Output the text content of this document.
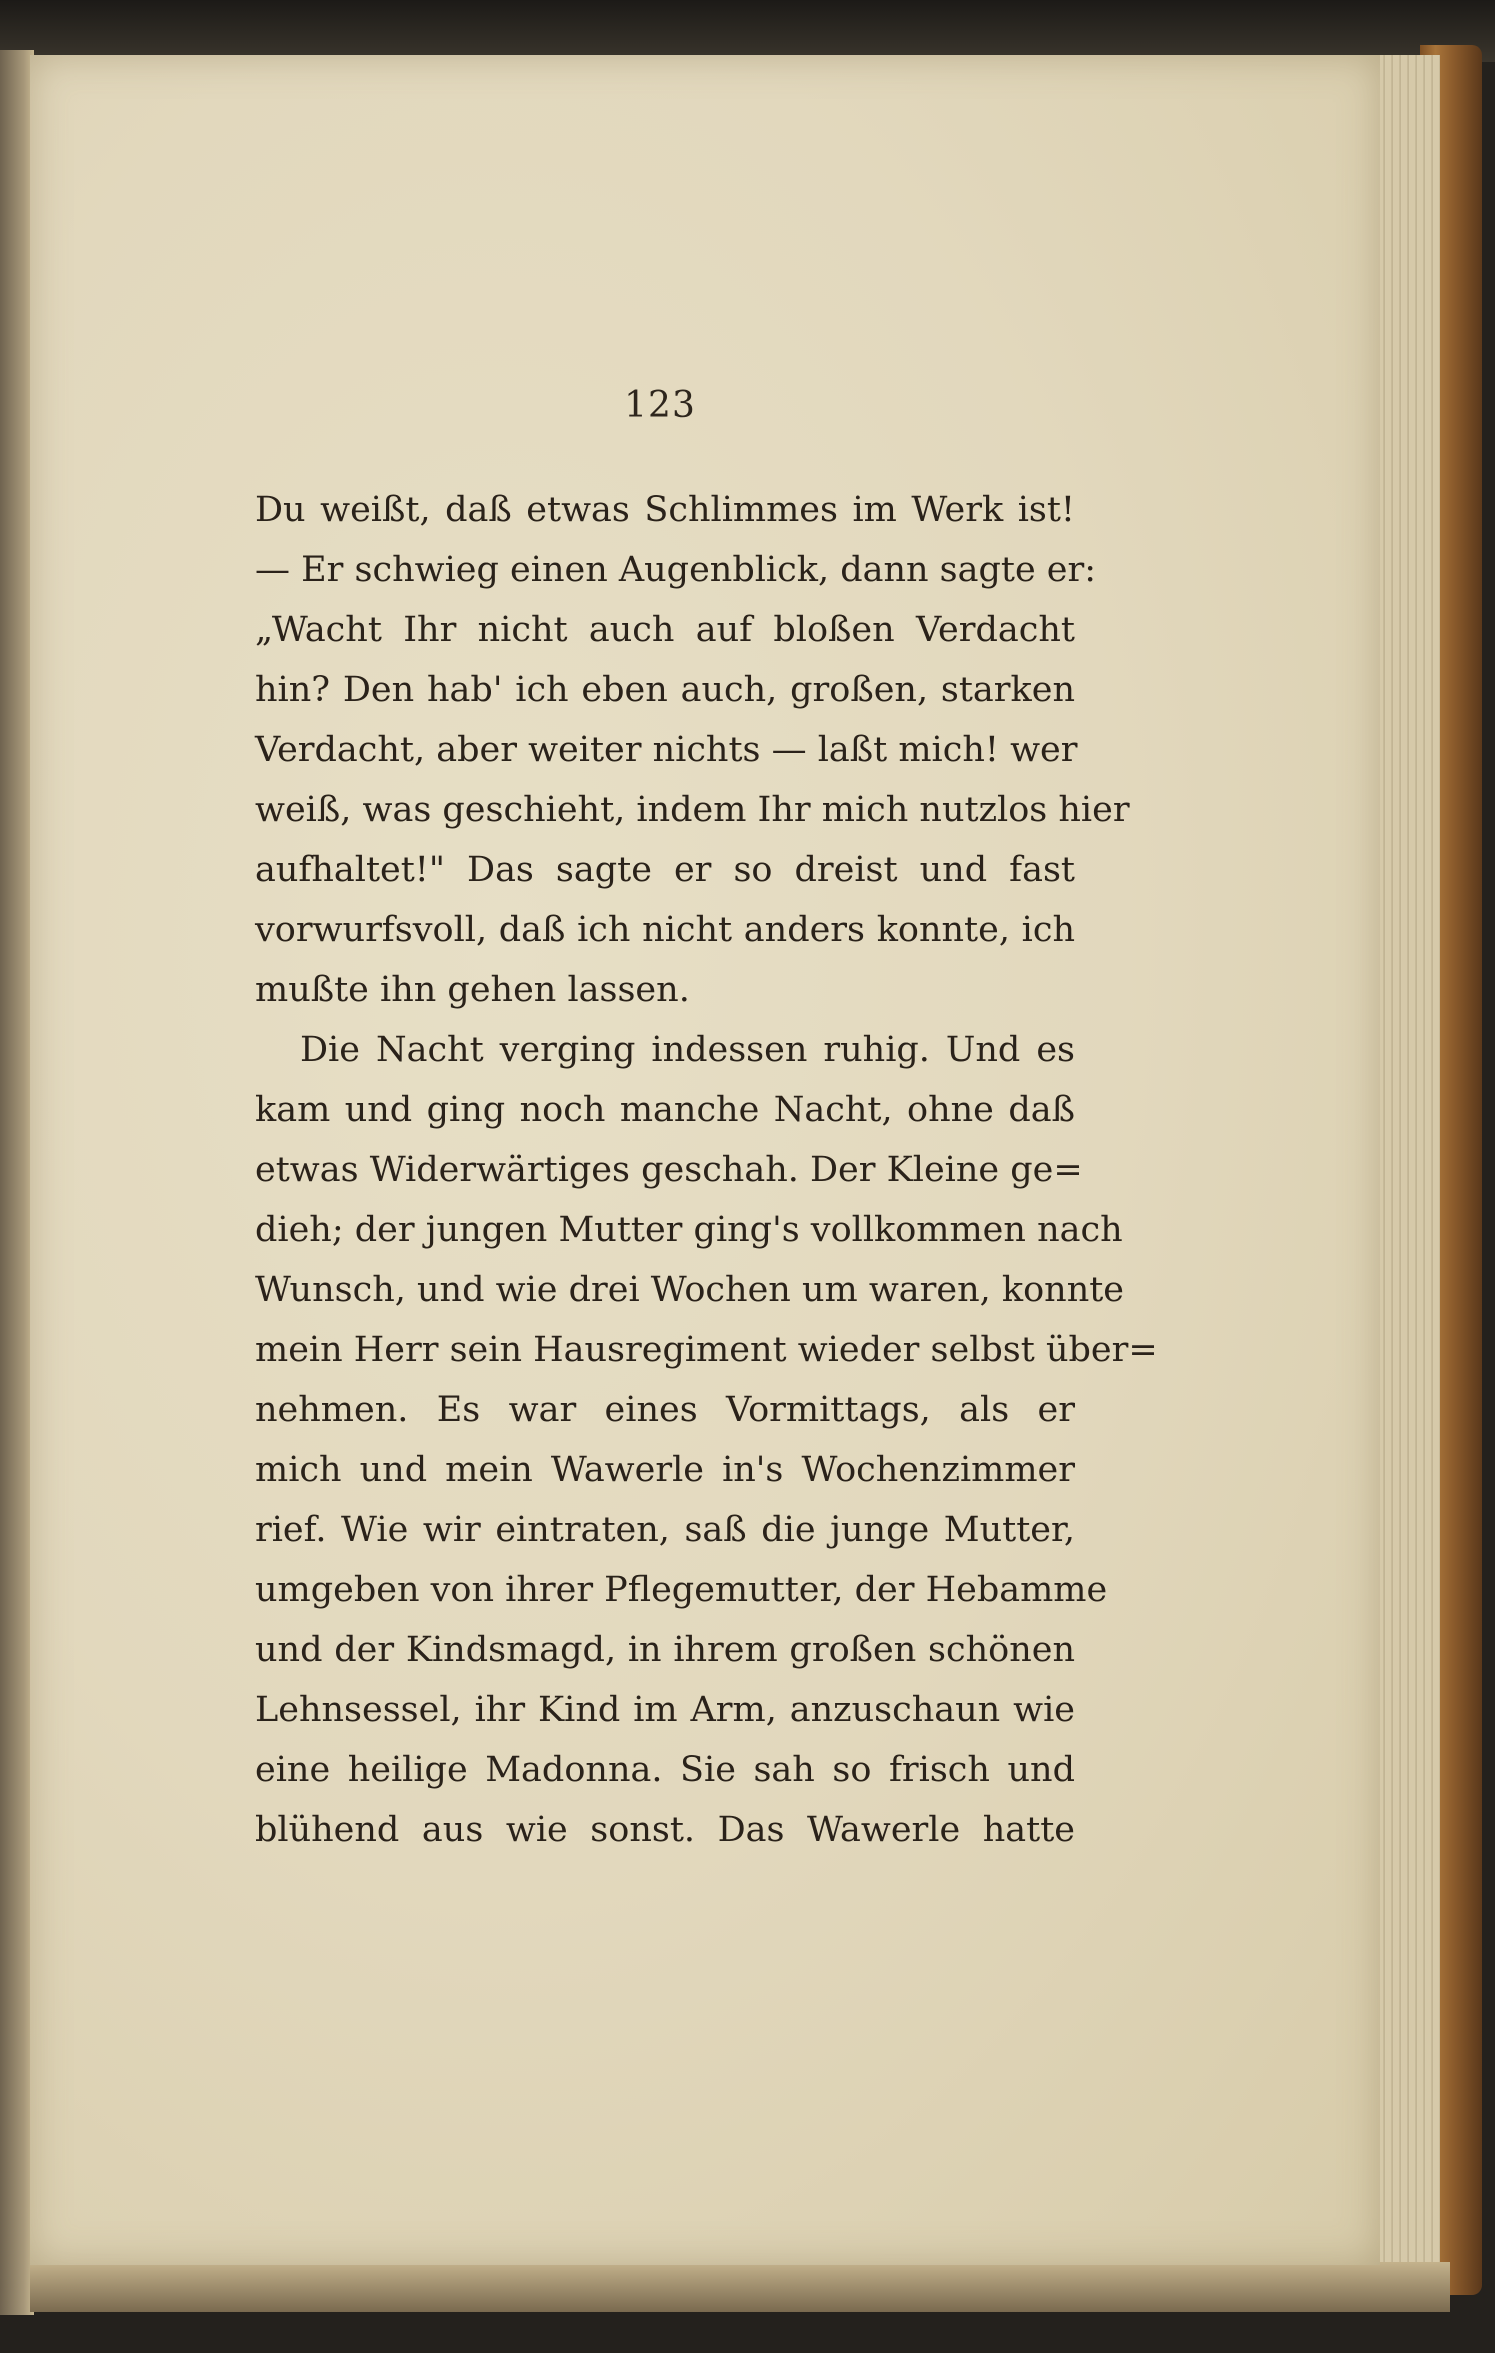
123
Du weißt, daß etwas Schlimmes im Werk ist!
— Er schwieg einen Augenblick, dann sagte er:
„Wacht Ihr nicht auch auf bloßen Verdacht
hin? Den hab' ich eben auch, großen, starken
Verdacht, aber weiter nichts — laßt mich! wer
weiß, was geschieht, indem Ihr mich nutzlos hier
aufhaltet!" Das sagte er so dreist und fast
vorwurfsvoll, daß ich nicht anders konnte, ich
mußte ihn gehen lassen.
Die Nacht verging indessen ruhig. Und es
kam und ging noch manche Nacht, ohne daß
etwas Widerwärtiges geschah. Der Kleine ge=
dieh; der jungen Mutter ging's vollkommen nach
Wunsch, und wie drei Wochen um waren, konnte
mein Herr sein Hausregiment wieder selbst über=
nehmen. Es war eines Vormittags, als er
mich und mein Wawerle in's Wochenzimmer
rief. Wie wir eintraten, saß die junge Mutter,
umgeben von ihrer Pflegemutter, der Hebamme
und der Kindsmagd, in ihrem großen schönen
Lehnsessel, ihr Kind im Arm, anzuschaun wie
eine heilige Madonna. Sie sah so frisch und
blühend aus wie sonst. Das Wawerle hatte
